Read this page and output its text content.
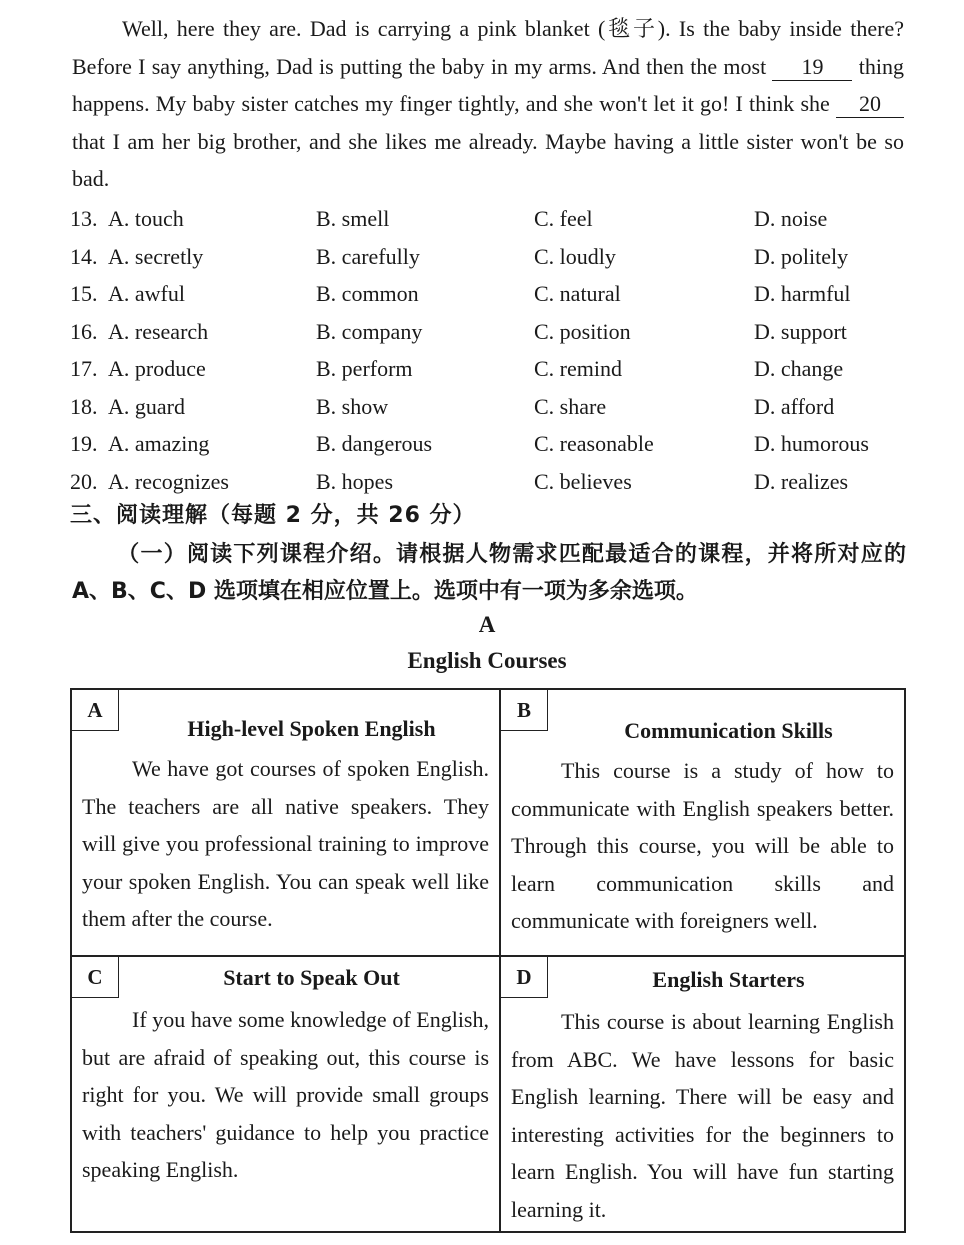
Well, here they are. Dad is carrying a pink blanket (毯子). Is the baby inside there? Before I say anything, Dad is putting the baby in my arms. And then the most 19 thing happens. My baby sister catches my finger tightly, and she won't let it go! I think she 20 that I am her big brother, and she likes me already. Maybe having a little sister won't be so bad.
13. A. touch	B. smell	C. feel	D. noise
14. A. secretly	B. carefully	C. loudly	D. politely
15. A. awful	B. common	C. natural	D. harmful
16. A. research	B. company	C. position	D. support
17. A. produce	B. perform	C. remind	D. change
18. A. guard	B. show	C. share	D. afford
19. A. amazing	B. dangerous	C. reasonable	D. humorous
20. A. recognizes	B. hopes	C. believes	D. realizes
三、阅读理解（每题 2 分，共 26 分）
（一）阅读下列课程介绍。请根据人物需求匹配最适合的课程，并将所对应的 A、B、C、D 选项填在相应位置上。选项中有一项为多余选项。
A
English Courses
A
High-level Spoken English
We have got courses of spoken English. The teachers are all native speakers. They will give you professional training to improve your spoken English. You can speak well like them after the course.
B
Communication Skills
This course is a study of how to communicate with English speakers better. Through this course, you will be able to learn communication skills and communicate with foreigners well.
C	Start to Speak Out
If you have some knowledge of English, but are afraid of speaking out, this course is right for you. We will provide small groups with teachers' guidance to help you practice speaking English.
D	English Starters
This course is about learning English from ABC. We have lessons for basic English learning. There will be easy and interesting activities for the beginners to learn English. You will have fun starting learning it.
